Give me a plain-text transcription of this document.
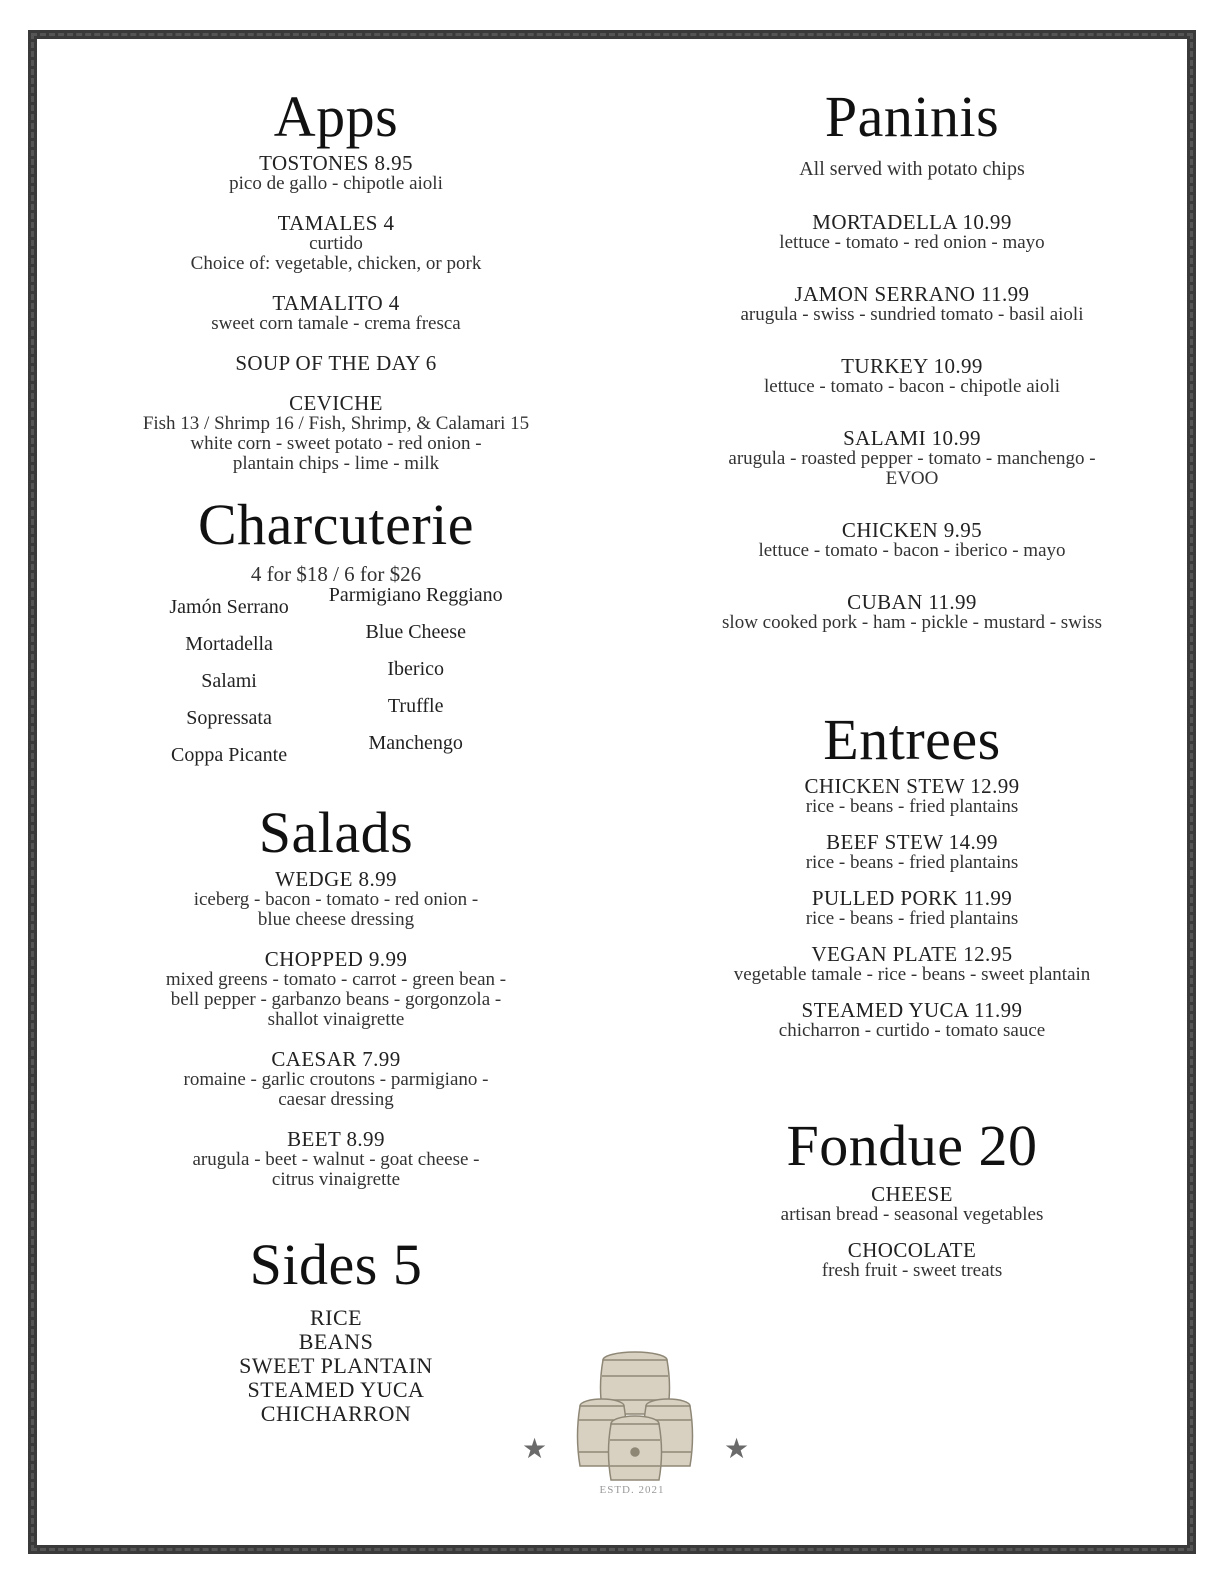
Apps
TOSTONES 8.95
pico de gallo - chipotle aioli
TAMALES 4
curtido
Choice of: vegetable, chicken, or pork
TAMALITO 4
sweet corn tamale - crema fresca
SOUP OF THE DAY 6
CEVICHE
Fish 13 / Shrimp 16 / Fish, Shrimp, & Calamari 15
white corn - sweet potato - red onion -
plantain chips - lime - milk
Charcuterie
4 for $18 / 6 for $26
Jamón Serrano
Mortadella
Salami
Sopressata
Coppa Picante
Parmigiano Reggiano
Blue Cheese
Iberico
Truffle
Manchengo
Salads
WEDGE 8.99
iceberg - bacon - tomato - red onion -
blue cheese dressing
CHOPPED 9.99
mixed greens - tomato - carrot - green bean -
bell pepper - garbanzo beans - gorgonzola -
shallot vinaigrette
CAESAR 7.99
romaine - garlic croutons - parmigiano -
caesar dressing
BEET 8.99
arugula - beet - walnut - goat cheese -
citrus vinaigrette
Sides 5
RICE
BEANS
SWEET PLANTAIN
STEAMED YUCA
CHICHARRON
Paninis
All served with potato chips
MORTADELLA 10.99
lettuce - tomato - red onion - mayo
JAMON SERRANO 11.99
arugula - swiss - sundried tomato - basil aioli
TURKEY 10.99
lettuce - tomato - bacon - chipotle aioli
SALAMI 10.99
arugula - roasted pepper - tomato - manchengo -
EVOO
CHICKEN 9.95
lettuce - tomato - bacon - iberico - mayo
CUBAN 11.99
slow cooked pork - ham - pickle - mustard - swiss
Entrees
CHICKEN STEW 12.99
rice - beans - fried plantains
BEEF STEW 14.99
rice - beans - fried plantains
PULLED PORK 11.99
rice - beans - fried plantains
VEGAN PLATE 12.95
vegetable tamale - rice - beans - sweet plantain
STEAMED YUCA 11.99
chicharron - curtido - tomato sauce
Fondue 20
CHEESE
artisan bread - seasonal vegetables
CHOCOLATE
fresh fruit - sweet treats
★	★
ESTD. 2021
